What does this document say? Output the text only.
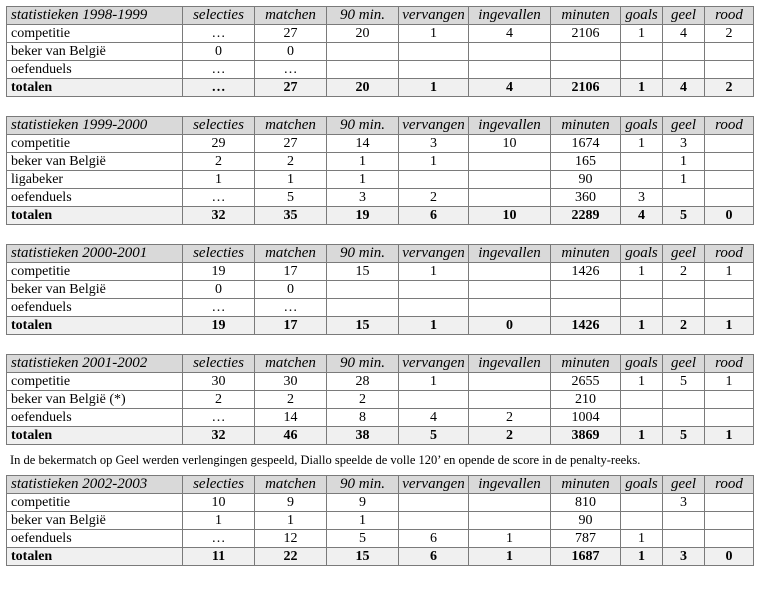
statistieken 1998-1999	selecties	matchen	90 min.	vervangen	ingevallen	minuten	goals	geel	rood
competitie	…	27	20	1	4	2106	1	4	2
beker van België	0	0							
oefenduels	…	…							
totalen	…	27	20	1	4	2106	1	4	2
statistieken 1999-2000	selecties	matchen	90 min.	vervangen	ingevallen	minuten	goals	geel	rood
competitie	29	27	14	3	10	1674	1	3	
beker van België	2	2	1	1		165		1	
ligabeker	1	1	1			90		1	
oefenduels	…	5	3	2		360	3		
totalen	32	35	19	6	10	2289	4	5	0
statistieken 2000-2001	selecties	matchen	90 min.	vervangen	ingevallen	minuten	goals	geel	rood
competitie	19	17	15	1		1426	1	2	1
beker van België	0	0							
oefenduels	…	…							
totalen	19	17	15	1	0	1426	1	2	1
statistieken 2001-2002	selecties	matchen	90 min.	vervangen	ingevallen	minuten	goals	geel	rood
competitie	30	30	28	1		2655	1	5	1
beker van België (*)	2	2	2			210			
oefenduels	…	14	8	4	2	1004			
totalen	32	46	38	5	2	3869	1	5	1
In de bekermatch op Geel werden verlengingen gespeeld, Diallo speelde de volle 120’ en opende de score in de penalty-reeks.
statistieken 2002-2003	selecties	matchen	90 min.	vervangen	ingevallen	minuten	goals	geel	rood
competitie	10	9	9			810		3	
beker van België	1	1	1			90			
oefenduels	…	12	5	6	1	787	1		
totalen	11	22	15	6	1	1687	1	3	0
